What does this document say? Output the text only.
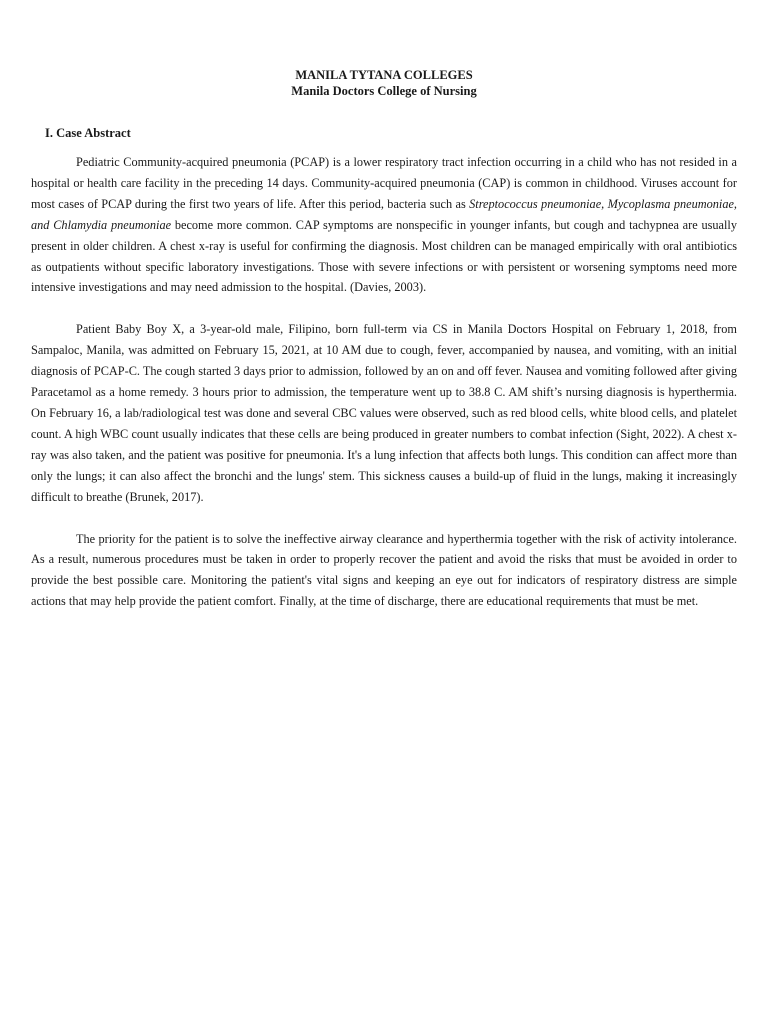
MANILA TYTANA COLLEGES
Manila Doctors College of Nursing
I. Case Abstract

Pediatric Community-acquired pneumonia (PCAP) is a lower respiratory tract infection occurring in a child who has not resided in a hospital or health care facility in the preceding 14 days. Community-acquired pneumonia (CAP) is common in childhood. Viruses account for most cases of PCAP during the first two years of life. After this period, bacteria such as Streptococcus pneumoniae, Mycoplasma pneumoniae, and Chlamydia pneumoniae become more common. CAP symptoms are nonspecific in younger infants, but cough and tachypnea are usually present in older children. A chest x-ray is useful for confirming the diagnosis. Most children can be managed empirically with oral antibiotics as outpatients without specific laboratory investigations. Those with severe infections or with persistent or worsening symptoms need more intensive investigations and may need admission to the hospital. (Davies, 2003).

Patient Baby Boy X, a 3-year-old male, Filipino, born full-term via CS in Manila Doctors Hospital on February 1, 2018, from Sampaloc, Manila, was admitted on February 15, 2021, at 10 AM due to cough, fever, accompanied by nausea, and vomiting, with an initial diagnosis of PCAP-C. The cough started 3 days prior to admission, followed by an on and off fever. Nausea and vomiting followed after giving Paracetamol as a home remedy. 3 hours prior to admission, the temperature went up to 38.8 C. AM shift’s nursing diagnosis is hyperthermia. On February 16, a lab/radiological test was done and several CBC values were observed, such as red blood cells, white blood cells, and platelet count. A high WBC count usually indicates that these cells are being produced in greater numbers to combat infection (Sight, 2022). A chest x-ray was also taken, and the patient was positive for pneumonia. It's a lung infection that affects both lungs. This condition can affect more than only the lungs; it can also affect the bronchi and the lungs' stem. This sickness causes a build-up of fluid in the lungs, making it increasingly difficult to breathe (Brunek, 2017).

The priority for the patient is to solve the ineffective airway clearance and hyperthermia together with the risk of activity intolerance. As a result, numerous procedures must be taken in order to properly recover the patient and avoid the risks that must be avoided in order to provide the best possible care. Monitoring the patient's vital signs and keeping an eye out for indicators of respiratory distress are simple actions that may help provide the patient comfort. Finally, at the time of discharge, there are educational requirements that must be met.
